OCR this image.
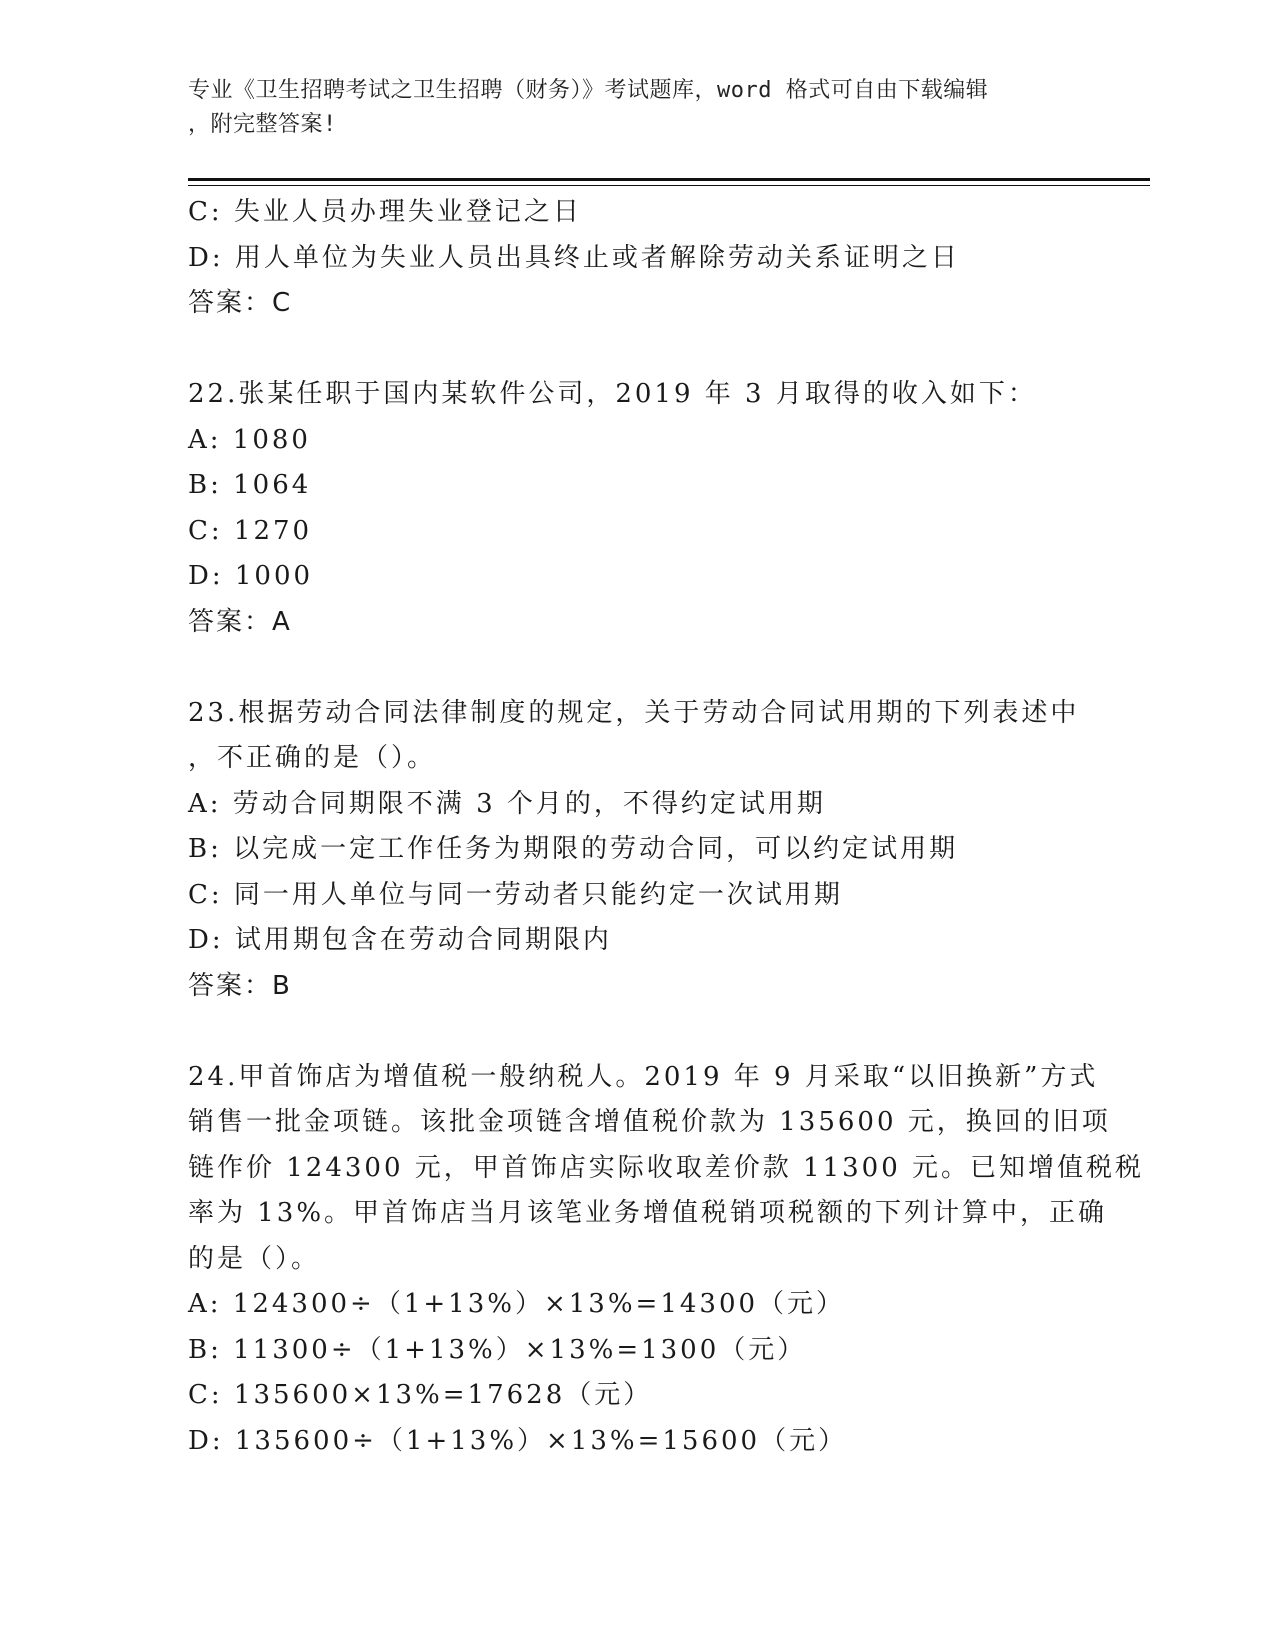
专业《卫生招聘考试之卫生招聘（财务）》考试题库，word 格式可自由下载编辑
，附完整答案!
C: 失业人员办理失业登记之日
D: 用人单位为失业人员出具终止或者解除劳动关系证明之日
答案：C
22.张某任职于国内某软件公司，2019 年 3 月取得的收入如下：
A: 1080
B: 1064
C: 1270
D: 1000
答案：A
23.根据劳动合同法律制度的规定，关于劳动合同试用期的下列表述中
，不正确的是（）。
A: 劳动合同期限不满 3 个月的，不得约定试用期
B: 以完成一定工作任务为期限的劳动合同，可以约定试用期
C: 同一用人单位与同一劳动者只能约定一次试用期
D: 试用期包含在劳动合同期限内
答案：B
24.甲首饰店为增值税一般纳税人。2019 年 9 月采取“以旧换新”方式
销售一批金项链。该批金项链含增值税价款为 135600 元，换回的旧项
链作价 124300 元，甲首饰店实际收取差价款 11300 元。已知增值税税
率为 13%。甲首饰店当月该笔业务增值税销项税额的下列计算中，正确
的是（）。
A: 124300÷（1+13%）×13%=14300（元）
B: 11300÷（1+13%）×13%=1300（元）
C: 135600×13%=17628（元）
D: 135600÷（1+13%）×13%=15600（元）
